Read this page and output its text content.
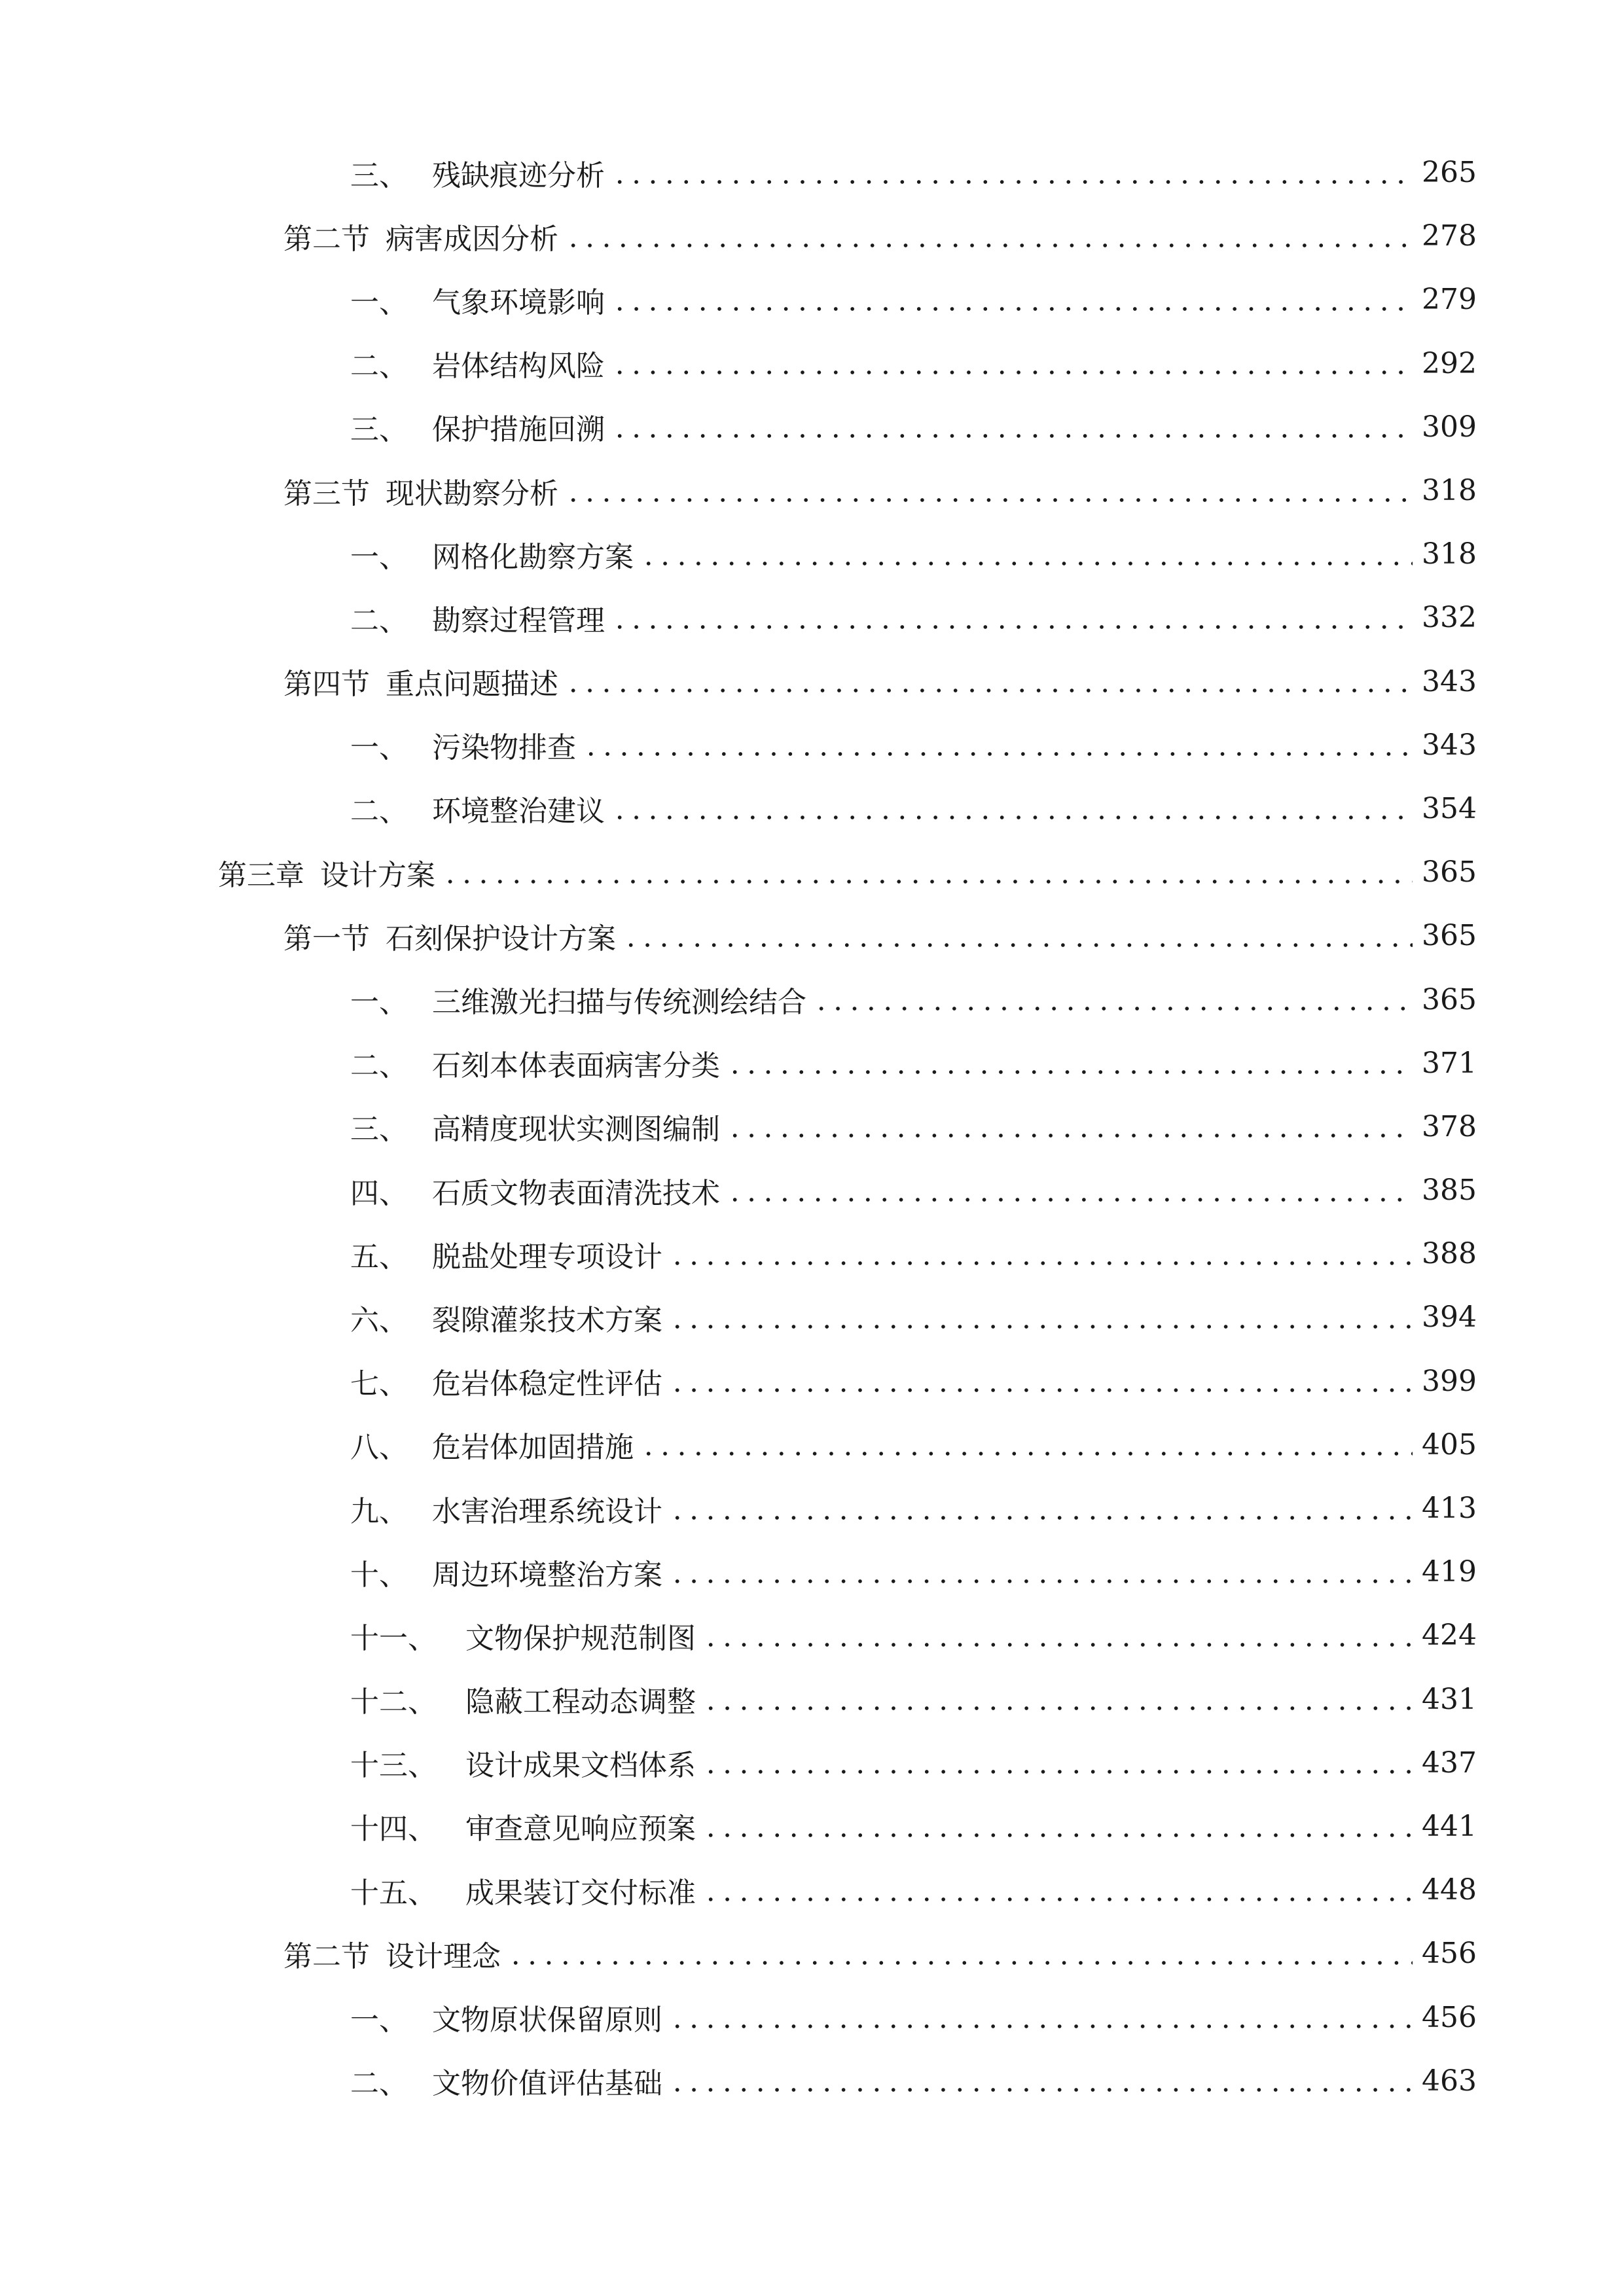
三、 残缺痕迹分析	265
第二节 病害成因分析	278
一、 气象环境影响	279
二、 岩体结构风险	292
三、 保护措施回溯	309
第三节 现状勘察分析	318
一、 网格化勘察方案	318
二、 勘察过程管理	332
第四节 重点问题描述	343
一、 污染物排查	343
二、 环境整治建议	354
第三章 设计方案	365
第一节 石刻保护设计方案	365
一、 三维激光扫描与传统测绘结合	365
二、 石刻本体表面病害分类	371
三、 高精度现状实测图编制	378
四、 石质文物表面清洗技术	385
五、 脱盐处理专项设计	388
六、 裂隙灌浆技术方案	394
七、 危岩体稳定性评估	399
八、 危岩体加固措施	405
九、 水害治理系统设计	413
十、 周边环境整治方案	419
十一、	文物保护规范制图	424
十二、	隐蔽工程动态调整	431
十三、	设计成果文档体系	437
十四、	审查意见响应预案	441
十五、	成果装订交付标准	448
第二节 设计理念	456
一、 文物原状保留原则	456
二、 文物价值评估基础	463
